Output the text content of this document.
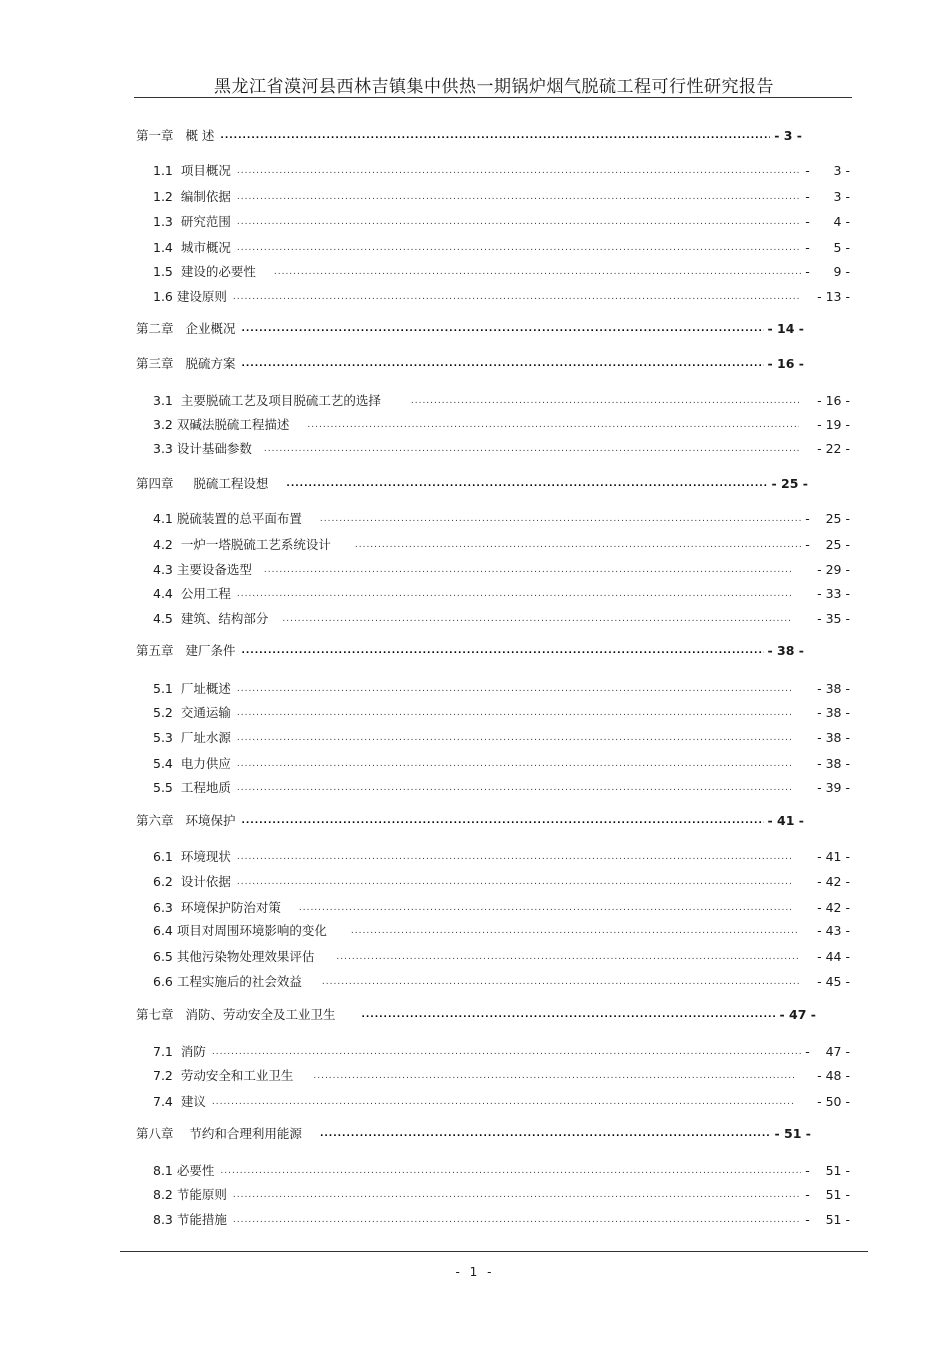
黑龙江省漠河县西林吉镇集中供热一期锅炉烟气脱硫工程可行性研究报告
第一章 概 述 .....	- 3 -
1.1 项目概况 .....	-      3 -
1.2 编制依据 .....	-      3 -
1.3 研究范围 .....	-      4 -
1.4 城市概况 .....	-      5 -
1.5 建设的必要性 .....	-      9 -
1.6 建设原则 .....	- 13 -
第二章 企业概况 .....	- 14 -
第三章 脱硫方案 .....	- 16 -
3.1 主要脱硫工艺及项目脱硫工艺的选择 .....	- 16 -
3.2 双碱法脱硫工程描述 .....	- 19 -
3.3 设计基础参数 .....	- 22 -
第四章 脱硫工程设想 .....	- 25 -
4.1 脱硫装置的总平面布置 .....	-    25 -
4.2 一炉一塔脱硫工艺系统设计 .....	-    25 -
4.3 主要设备选型 .....	- 29 -
4.4 公用工程 .....	- 33 -
4.5 建筑、结构部分 .....	- 35 -
第五章 建厂条件 .....	- 38 -
5.1 厂址概述 .....	- 38 -
5.2 交通运输 .....	- 38 -
5.3 厂址水源 .....	- 38 -
5.4 电力供应 .....	- 38 -
5.5 工程地质 .....	- 39 -
第六章 环境保护 .....	- 41 -
6.1 环境现状 .....	- 41 -
6.2 设计依据 .....	- 42 -
6.3 环境保护防治对策 .....	- 42 -
6.4 项目对周围环境影响的变化 .....	- 43 -
6.5 其他污染物处理效果评估 .....	- 44 -
6.6 工程实施后的社会效益 .....	- 45 -
第七章 消防、劳动安全及工业卫生 .....	- 47 -
7.1 消防 .....	-    47 -
7.2 劳动安全和工业卫生 .....	- 48 -
7.4 建议 .....	- 50 -
第八章 节约和合理利用能源 .....	- 51 -
8.1 必要性 .....	-    51 -
8.2 节能原则 .....	-    51 -
8.3 节能措施 .....	-    51 -
- 1 -
